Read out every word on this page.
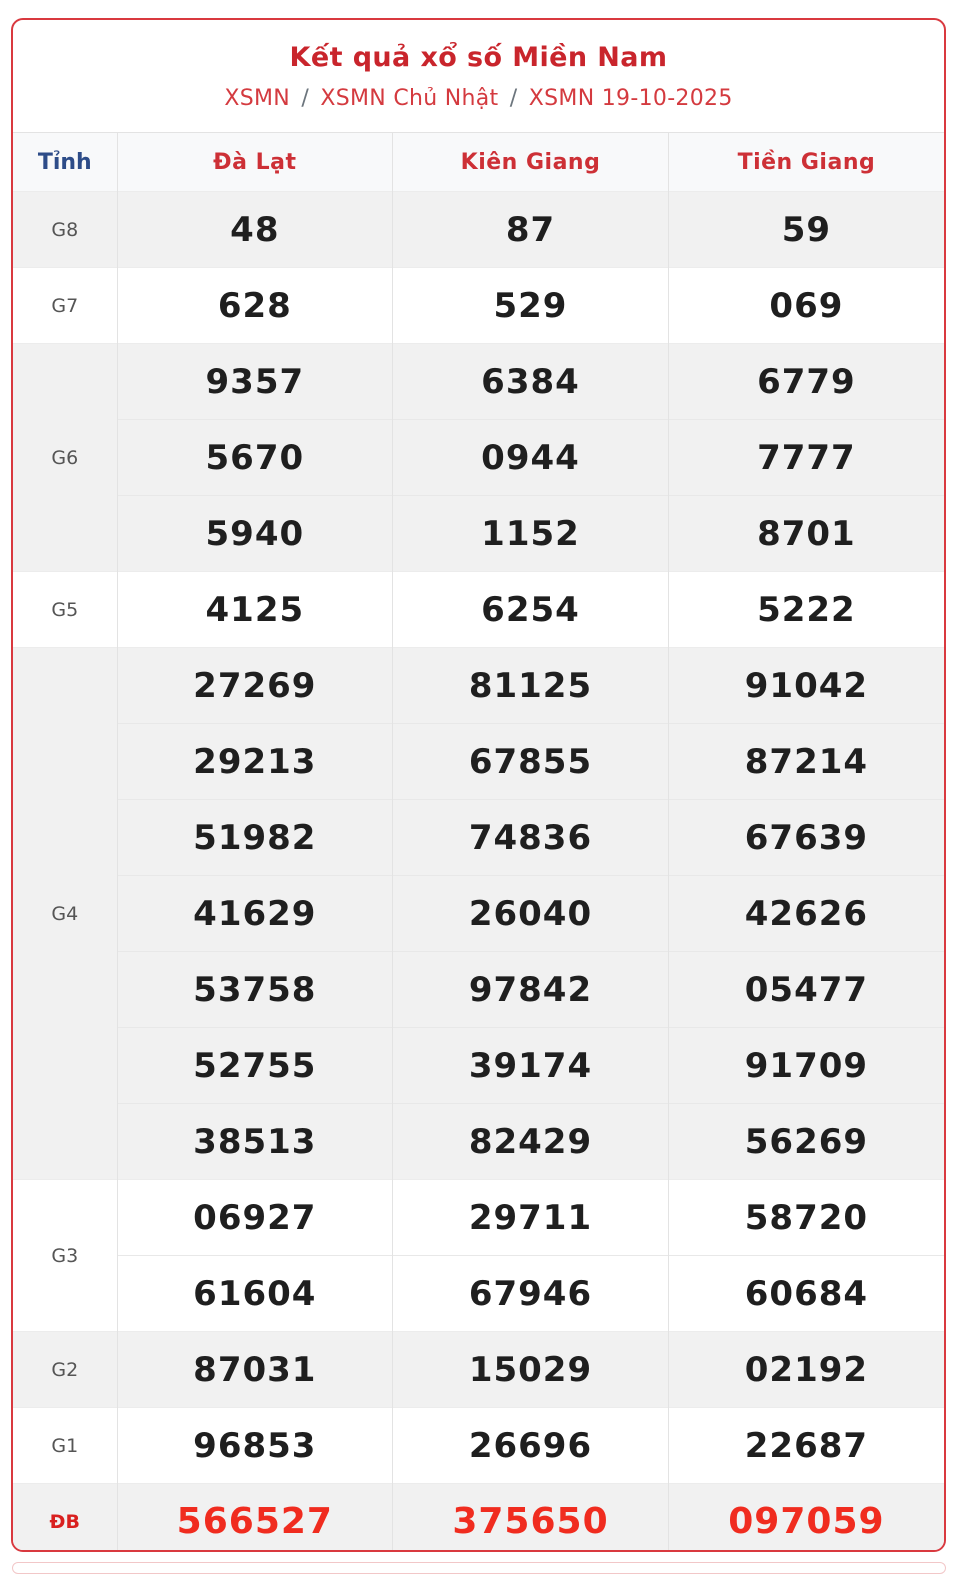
Kết quả xổ số Miền Nam
XSMN / XSMN Chủ Nhật / XSMN 19-10-2025
Tỉnh	Đà Lạt	Kiên Giang	Tiền Giang
G8	48	87	59
G7	628	529	069
G6	9357	6384	6779
	5670	0944	7777
	5940	1152	8701
G5	4125	6254	5222
G4	27269	81125	91042
	29213	67855	87214
	51982	74836	67639
	41629	26040	42626
	53758	97842	05477
	52755	39174	91709
	38513	82429	56269
G3	06927	29711	58720
	61604	67946	60684
G2	87031	15029	02192
G1	96853	26696	22687
ĐB	566527	375650	097059
